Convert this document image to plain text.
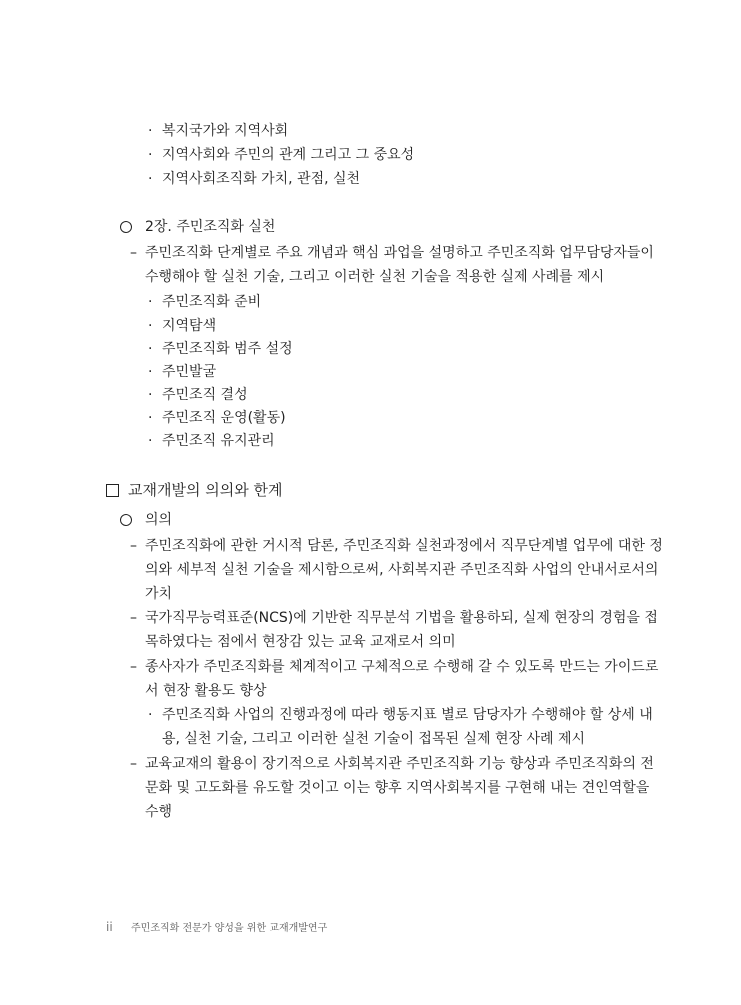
· 복지국가와 지역사회
· 지역사회와 주민의 관계 그리고 그 중요성
· 지역사회조직화 가치, 관점, 실천
2장. 주민조직화 실천
– 주민조직화 단계별로 주요 개념과 핵심 과업을 설명하고 주민조직화 업무담당자들이
수행해야 할 실천 기술, 그리고 이러한 실천 기술을 적용한 실제 사례를 제시
· 주민조직화 준비
· 지역탐색
· 주민조직화 범주 설정
· 주민발굴
· 주민조직 결성
· 주민조직 운영(활동)
· 주민조직 유지관리
교재개발의 의의와 한계
의의
– 주민조직화에 관한 거시적 담론, 주민조직화 실천과정에서 직무단계별 업무에 대한 정
의와 세부적 실천 기술을 제시함으로써, 사회복지관 주민조직화 사업의 안내서로서의
가치
– 국가직무능력표준(NCS)에 기반한 직무분석 기법을 활용하되, 실제 현장의 경험을 접
목하였다는 점에서 현장감 있는 교육 교재로서 의미
– 종사자가 주민조직화를 체계적이고 구체적으로 수행해 갈 수 있도록 만드는 가이드로
서 현장 활용도 향상
· 주민조직화 사업의 진행과정에 따라 행동지표 별로 담당자가 수행해야 할 상세 내
용, 실천 기술, 그리고 이러한 실천 기술이 접목된 실제 현장 사례 제시
– 교육교재의 활용이 장기적으로 사회복지관 주민조직화 기능 향상과 주민조직화의 전
문화 및 고도화를 유도할 것이고 이는 향후 지역사회복지를 구현해 내는 견인역할을
수행
ii 주민조직화 전문가 양성을 위한 교재개발연구
